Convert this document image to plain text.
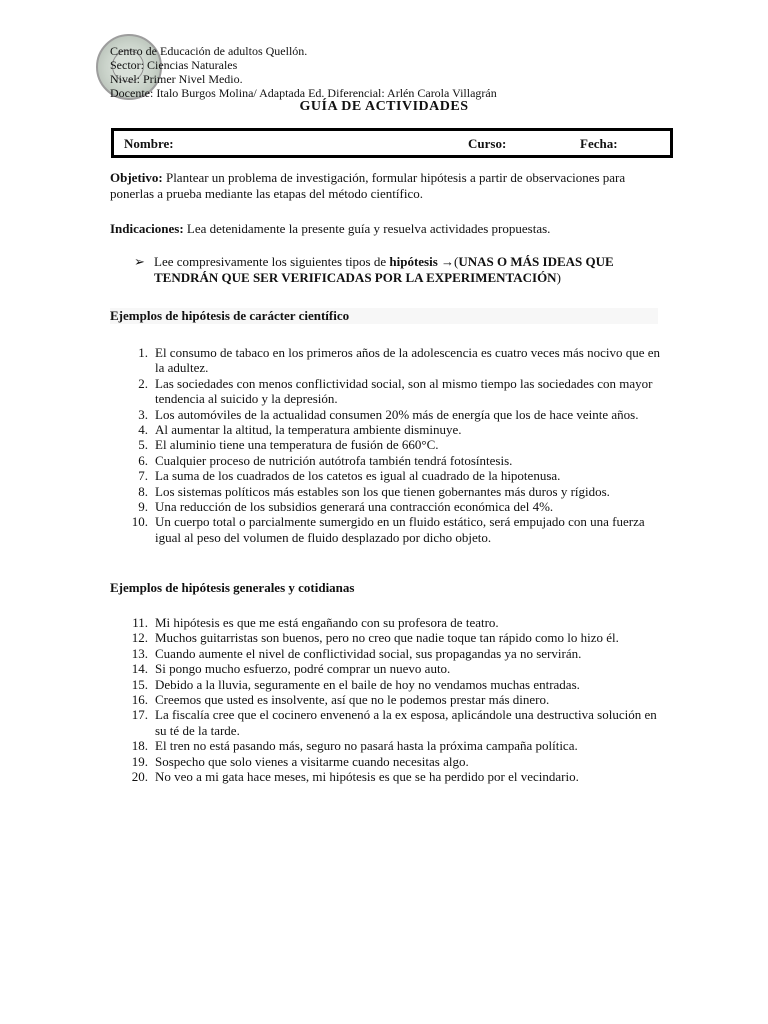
Centro de Educación de adultos Quellón.
Sector: Ciencias Naturales
Nivel: Primer Nivel Medio.
Docente: Italo Burgos Molina/ Adaptada Ed. Diferencial: Arlén Carola Villagrán
GUÍA DE ACTIVIDADES
Nombre:	Curso:	Fecha:
Objetivo: Plantear un problema de investigación, formular hipótesis a partir de observaciones para ponerlas a prueba mediante las etapas del método científico.
Indicaciones: Lea detenidamente la presente guía y resuelva actividades propuestas.
➢ Lee compresivamente los siguientes tipos de hipótesis →(UNAS O MÁS IDEAS QUE TENDRÁN QUE SER VERIFICADAS POR LA EXPERIMENTACIÓN)
Ejemplos de hipótesis de carácter científico
1. El consumo de tabaco en los primeros años de la adolescencia es cuatro veces más nocivo que en la adultez.
2. Las sociedades con menos conflictividad social, son al mismo tiempo las sociedades con mayor tendencia al suicido y la depresión.
3. Los automóviles de la actualidad consumen 20% más de energía que los de hace veinte años.
4. Al aumentar la altitud, la temperatura ambiente disminuye.
5. El aluminio tiene una temperatura de fusión de 660°C.
6. Cualquier proceso de nutrición autótrofa también tendrá fotosíntesis.
7. La suma de los cuadrados de los catetos es igual al cuadrado de la hipotenusa.
8. Los sistemas políticos más estables son los que tienen gobernantes más duros y rígidos.
9. Una reducción de los subsidios generará una contracción económica del 4%.
10. Un cuerpo total o parcialmente sumergido en un fluido estático, será empujado con una fuerza igual al peso del volumen de fluido desplazado por dicho objeto.
Ejemplos de hipótesis generales y cotidianas
11. Mi hipótesis es que me está engañando con su profesora de teatro.
12. Muchos guitarristas son buenos, pero no creo que nadie toque tan rápido como lo hizo él.
13. Cuando aumente el nivel de conflictividad social, sus propagandas ya no servirán.
14. Si pongo mucho esfuerzo, podré comprar un nuevo auto.
15. Debido a la lluvia, seguramente en el baile de hoy no vendamos muchas entradas.
16. Creemos que usted es insolvente, así que no le podemos prestar más dinero.
17. La fiscalía cree que el cocinero envenenó a la ex esposa, aplicándole una destructiva solución en su té de la tarde.
18. El tren no está pasando más, seguro no pasará hasta la próxima campaña política.
19. Sospecho que solo vienes a visitarme cuando necesitas algo.
20. No veo a mi gata hace meses, mi hipótesis es que se ha perdido por el vecindario.
